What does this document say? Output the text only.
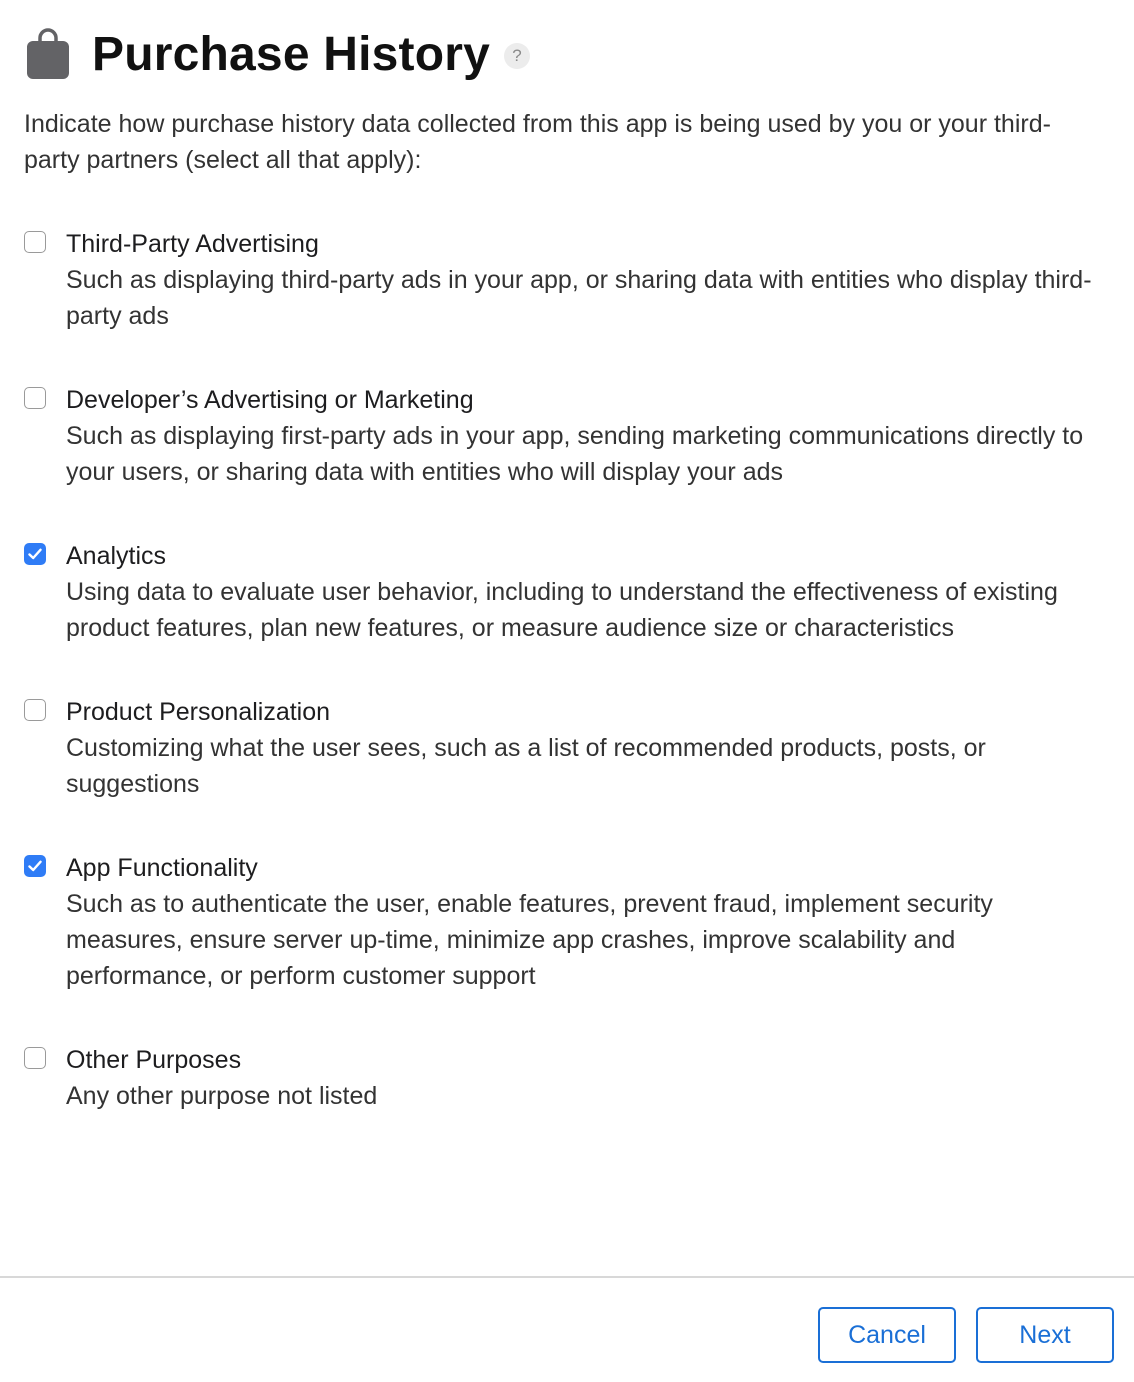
Purchase History	?
Indicate how purchase history data collected from this app is being used by you or your third-party partners (select all that apply):
Third-Party Advertising
Such as displaying third-party ads in your app, or sharing data with entities who display third-party ads
Developer’s Advertising or Marketing
Such as displaying first-party ads in your app, sending marketing communications directly to your users, or sharing data with entities who will display your ads
Analytics
Using data to evaluate user behavior, including to understand the effectiveness of existing product features, plan new features, or measure audience size or characteristics
Product Personalization
Customizing what the user sees, such as a list of recommended products, posts, or suggestions
App Functionality
Such as to authenticate the user, enable features, prevent fraud, implement security measures, ensure server up-time, minimize app crashes, improve scalability and performance, or perform customer support
Other Purposes
Any other purpose not listed
Cancel	Next
